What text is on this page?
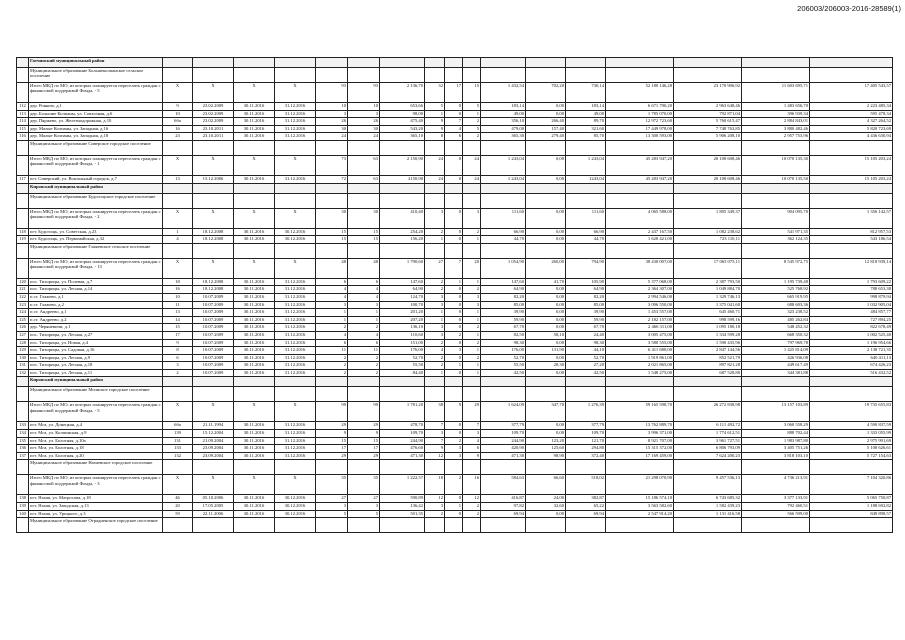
206003/206003-2016-28589(1)
	Гатчинский муниципальный район																	
	Муниципальное образование Большеколпанское сельское поселение																	
	Итого МКД по МО, из которых планируется переселить граждан с финансовой поддержкой Фонда, - 5	X	X	X	X	93	93	2 136,70	32	17	15	1 432,54	702,20	730,14	52 180 146,28	23 170 906,92	11 603 695,71	17 405 543,57
112	дер. Ронкою, д.1	9	23.02.2009	30.11.2016	31.12.2016	10	10	653,66	5	0	5	183,14	0,00	183,14	6 671 790,20	2 963 648,46	1 483 656,70	2 223 485,34
113	дер. Большие Колпаны, ул. Совхозная, д.6	10	23.02.2009	30.11.2016	31.12.2016	3	3	98,00	1	0	1	49,00	0,00	49,00	1 785 070,00	792 871,04	396 939,34	595 478,34
114	дер. Пяржево, ул. Железнодорожная, д.10	6ба	23.02.2009	30.11.2016	31.12.2016	26	26	475,40	9	7	2	356,10	266,40	89,70	12 972 723,60	5 760 615,47	2 884 843,01	4 327 264,52
115	дер. Малые Колпаны, ул. Западная, д.16	16	23.10.2011	30.11.2016	31.12.2016	30	30	543,20	9	4	5	479,00	157,40	321,60	17 449 978,00	7 748 763,85	3 880 482,46	5 820 723,69
116	дер. Малые Колпаны, ул. Западная, д.18	23	23.10.2011	30.11.2016	31.12.2016	24	24	365,10	8	6	2	365,30	279,40	85,70	13 300 593,00	5 906 208,10	2 957 753,96	4 436 630,94
	Муниципальное образование Сиверское городское поселение																	
	Итого МКД по МО, из которых планируется переселить граждан с финансовой поддержкой Фонда, - 1	X	X	X	X	73	63	2 150,90	24	0	24	1 243,04	0,00	1 243,04	45 283 947,20	20 108 608,46	10 070 135,30	15 105 203,24
117	пгт. Сиверский, ул. Вокзальный городок, д.7	13	15.12.2006	30.11.2016	31.12.2016	72	63	2150,90	24	0	24	1 243,04	0,00	1243,04	45 283 947,20	20 108 608,46	10 070 135,50	15 105 203,24
	Кировский муниципальный район																	
	Муниципальное образование Будогощское городское поселение																	
	Итого МКД по МО, из которых планируется переселить граждан с финансовой поддержкой Фонда, - 2	X	X	X	X	30	30	410,40	3	0	3	111,60	0,00	111,60	4 065 588,00	1 805 349,37	904 095,70	1 356 142,57
118	пгт. Будогощь, ул. Советская, д.23	1	18.12.2008	30.11.2016	30.12.2016	15	15	254,20	2	0	2	66,90	0,00	66,90	2 437 167,50	1 082 238,62	541 971,35	812 957,53
119	пгт. Будогощь, ул. Первомайская, д.32	4	18.12.2008	30.11.2016	30.12.2016	15	15	156,20	1	0	1	44,70	0,00	44,70	1 628 421,00	723 110,11	362 124,35	543 186,54
	Муниципальное образование Глажевское сельское поселение																	
	Итого МКД по МО, из которых планируется переселить граждан с финансовой поддержкой Фонда, - 13	X	X	X	X	48	48	1 790,60	27	7	20	1 054,90	260,00	794,90	38 430 007,00	17 065 075,11	8 545 972,75	12 818 939,14
120	пос. Тихорицы, ул. Полевая, д.7	18	18.12.2008	30.11.2016	31.12.2016	6	6	147,60	2	1	1	147,60	41,70	105,90	5 377 068,00	2 387 793,50	1 195 739,48	1 793 609,22
121	пос. Тихорицы, ул. Лесная, д.14	16	18.12.2008	30.11.2016	31.12.2016	4	4	64,90	2	0	2	64,90	0,00	64,90	2 364 307,00	1 049 884,70	525 768,92	788 653,38
122	п.ст. Глажево, д.1	10	10.07.2009	30.11.2016	31.12.2016	4	4	124,70	3	0	3	82,20	0,00	82,20	2 994 546,00	1 329 746,13	665 919,95	998 879,94
123	п.ст. Глажево, д.2	11	10.07.2009	30.11.2016	31.12.2016	3	3	100,70	3	0	3	85,00	0,00	85,00	3 096 550,00	1 375 041,60	688 603,36	1 032 905,04
124	п.ст. Андреево, д.1	13	10.07.2009	30.11.2016	31.12.2016	1	1	201,20	1	0	1	39,90	0,00	39,90	1 453 557,00	645 460,71	323 238,52	484 857,77
125	п.ст. Андреево, д.2	14	10.07.2009	30.11.2016	31.12.2016	1	1	207,20	1	0	1	59,90	0,00	59,90	2 182 157,00	998 599,16	485 262,84	727 894,25
126	дер. Черяневичи, д.1	15	10.07.2009	30.11.2016	31.12.2016	2	2	136,10	3	0	2	67,70	0,00	67,70	2 466 311,00	1 095 180,18	548 452,32	822 678,49
127	пос. Тихорицы, ул. Лесная, д.27	17	10.07.2009	30.11.2016	31.12.2016	4	4	110,60	3	2	1	82,50	58,10	24,40	3 005 475,00	1 334 599,28	668 350,32	1 002 525,40
128	пос. Тихорицы, ул. Новая, д.4	9	10.07.2009	30.11.2016	31.12.2016	6	6	151,00	2	0	2	98,30	0,00	98,30	3 580 555,00	1 590 435,96	797 969,78	1 196 954,66
129	пос. Тихорицы, ул. Садовая, д.16	8	10.07.2009	30.11.2016	31.12.2016	11	11	176,00	4	3	1	176,00	131,90	44,10	6 411 680,00	2 847 144,56	1 425 814,09	2 138 721,35
130	пос. Тихорицы, ул. Лесная, д.9	6	10.07.2009	30.11.2016	31.12.2016	2	2	52,70	2	0	2	52,70	0,00	52,70	1 919 861,00	852 521,79	426 936,08	640 411,13
131	пос. Тихорицы, ул. Лесная, д.18	3	10.07.2009	30.11.2016	31.12.2016	2	2	55,50	2	1	1	55,50	28,30	27,20	2 021 865,00	897 821,28	449 617,49	674 426,23
132	пос. Тихорицы, ул. Лесная, д.11	2	10.07.2009	30.11.2016	31.12.2016	2	2	84,40	1	0	1	42,50	0,00	42,50	1 548 275,00	687 528,80	344 381,88	516 432,52
	Кировский муниципальный район																	
	Муниципальное образование Мгинское городское поселение																	
	Итого МКД по МО, из которых планируется переселить граждан с финансовой поддержкой Фонда, - 5	X	X	X	X	99	99	1 781,20	38	9	29	1 624,09	347,70	1 276,39	59 165 598,70	26 272 838,98	13 157 103,89	19 735 655,83
133	пгт. Мга, ул. Донецкая, д.4	6ба	21.11.1994	30.11.2016	31.12.2016	29	29	478,70	7	0	7	377,79	0,00	377,79	13 762 889,70	6 111 492,72	3 060 558,29	4 590 837,59
134	пгт. Мга, ул. Колпинская, д.9	139	15.12.2004	30.11.2016	31.12.2016	9	9	109,70	3	0	3	109,70	0,00	109,70	3 996 371,00	1 774 612,51	888 702,44	1 333 055,99
135	пгт. Мга, ул. Болотная, д.10а	131	21.09.2004	30.11.2016	31.12.2016	15	15	244,90	7	2	4	244,90	123,20	121,70	8 921 707,00	3 961 727,51	1 983 987,80	2 975 991,69
136	пгт. Мга, ул. Болотная, д.18	133	23.09.2004	30.11.2016	31.12.2016	17	17	476,60	9	3	6	420,90	125,60	294,80	15 315 372,00	6 806 793,09	3 405 751,26	5 108 626,61
137	пгт. Мга, ул. Болотная, д.20	132	23.09.2004	30.11.2016	31.12.2016	29	29	471,30	12	3	9	471,30	98,90	372,40	17 169 459,00	7 624 200,23	3 818 103,10	5 727 154,63
	Муниципальное образование Назиевское городское поселение																	
	Итого МКД по МО, из которых планируется переселить граждан с финансовой поддержкой Фонда, - 3	X	X	X	X	35	35	1 222,57	18	2	16	584,63	66,60	518,02	21 298 070,90	9 457 536,13	4 736 213,91	7 104 320,86
138	пгт. Назия, ул. Матросова, д.18	46	05.10.2006	30.11.2016	30.12.2016	27	27	590,89	12	0	12	416,87	24,00	382,87	15 186 574,10	6 743 685,32	3 377 133,91	5 065 750,87
139	пгт. Назия, ул. Заводская, д.13	20	17.05.2005	30.11.2016	30.12.2016	3	3	136,42	3	1	2	97,82	32,60	65,22	3 563 582,60	1 582 439,23	792 460,51	1 188 692,82
140	пгт. Назия, ул. Урицкого, д.3	59	22.11.2006	30.11.2016	30.12.2016	5	5	501,35	2	0	2	69,94	0,00	69,94	2 547 914,20	1 131 416,58	566 599,00	849 898,57
	Муниципальное образование Отрадненское городское поселение																	
